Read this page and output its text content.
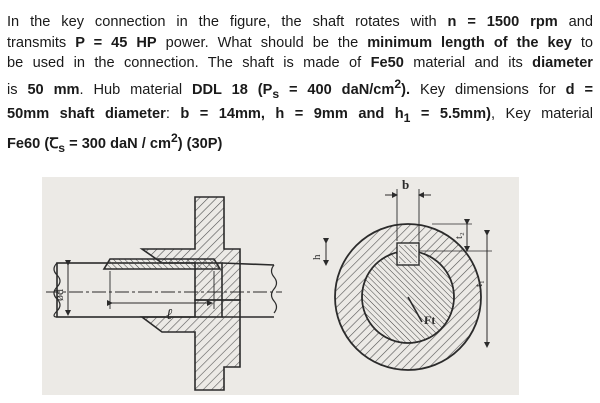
In the key connection in the figure, the shaft rotates with n = 1500 rpm and
transmits P = 45 HP power. What should be the minimum length of the key to
be used in the connection. The shaft is made of Fe50 material and its diameter
is 50 mm. Hub material DDL 18 ($P_s = 400$ daN/$cm^2$). Key dimensions for d =
50mm shaft diameter: b = 14mm, h = 9mm and $h_1 = 5.5mm$), Key material
Fe60 (Ꞇ$_s$ = 300 daN / $cm^2$) (30P)
ℓ
ød
b
h
t₂
t₁
Ft
